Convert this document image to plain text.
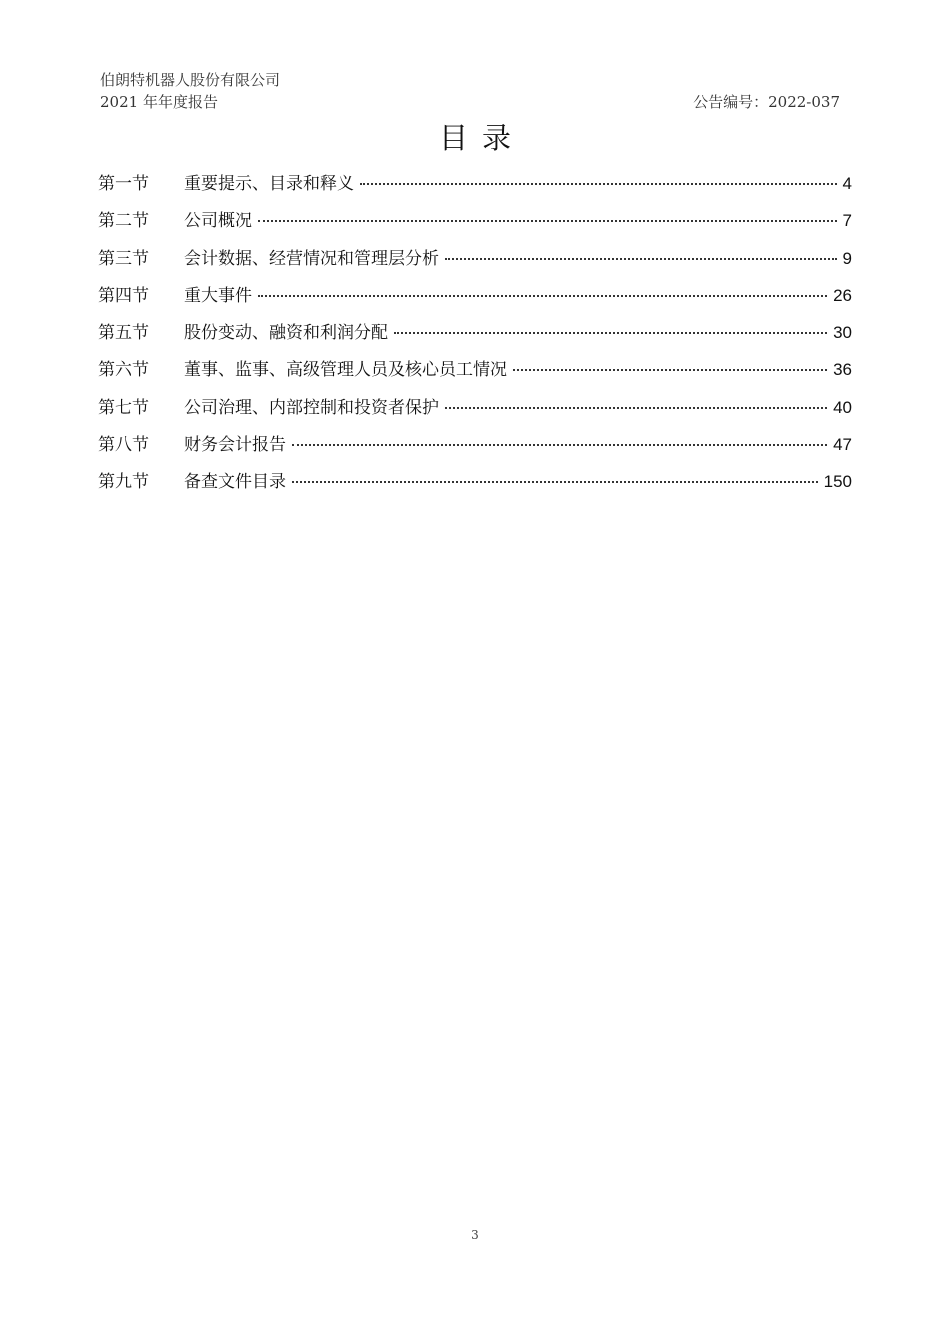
伯朗特机器人股份有限公司
2021 年年度报告	公告编号：2022-037
目录
第一节	重要提示、目录和释义	4
第二节	公司概况	7
第三节	会计数据、经营情况和管理层分析	9
第四节	重大事件	26
第五节	股份变动、融资和利润分配	30
第六节	董事、监事、高级管理人员及核心员工情况	36
第七节	公司治理、内部控制和投资者保护	40
第八节	财务会计报告	47
第九节	备查文件目录	150
3
